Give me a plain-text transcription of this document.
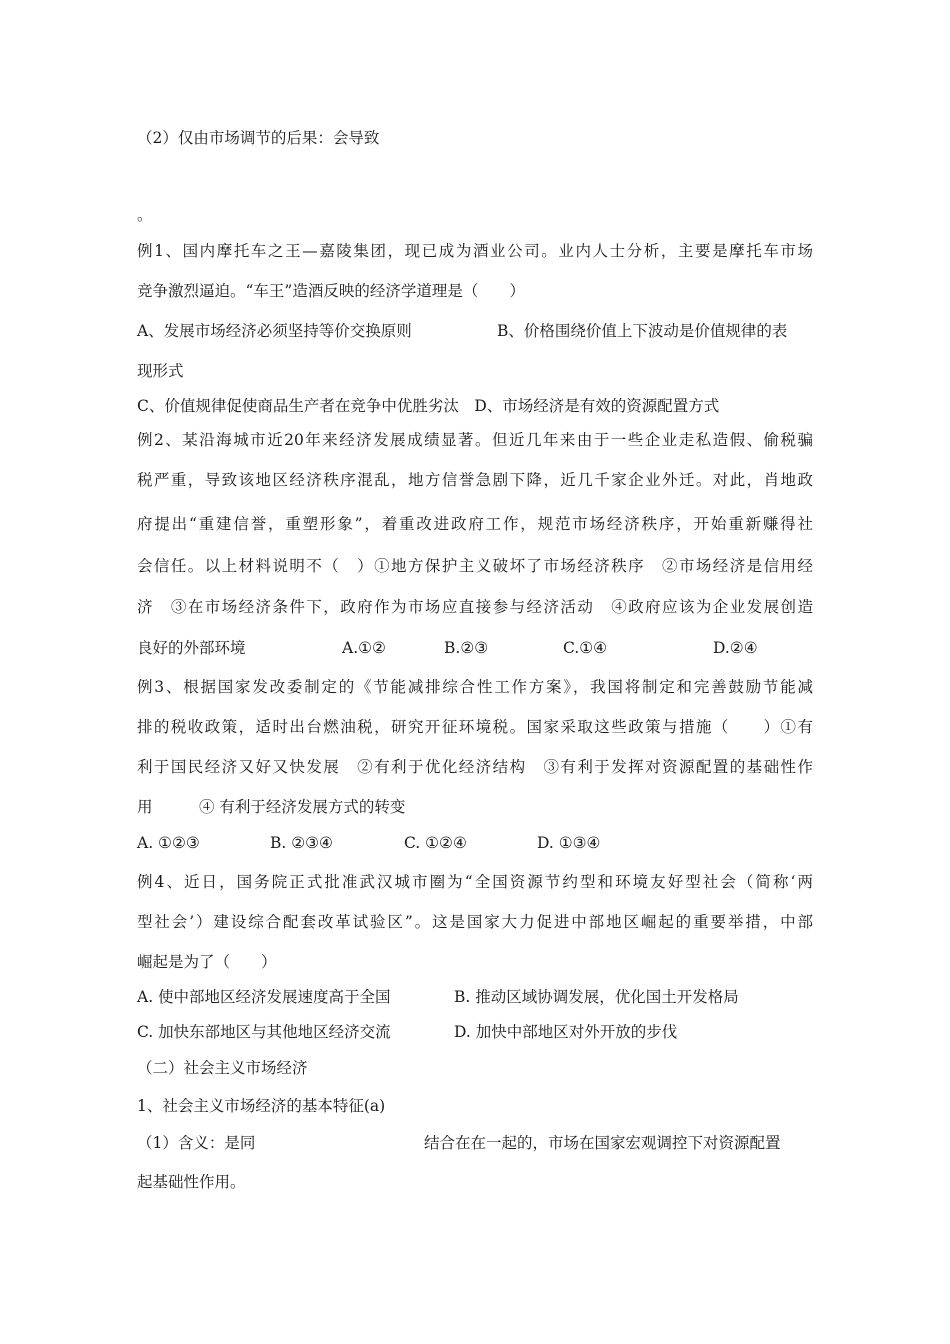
（2）仅由市场调节的后果：会导致
。
例1、国内摩托车之王—嘉陵集团，现已成为酒业公司。业内人士分析，主要是摩托车市场
竞争激烈逼迫。“车王”造酒反映的经济学道理是（　　）
A、发展市场经济必须坚持等价交换原则	B、价格围绕价值上下波动是价值规律的表
现形式
C、价值规律促使商品生产者在竞争中优胜劣汰　D、市场经济是有效的资源配置方式
例2、某沿海城市近20年来经济发展成绩显著。但近几年来由于一些企业走私造假、偷税骗
税严重，导致该地区经济秩序混乱，地方信誉急剧下降，近几千家企业外迁。对此，肖地政
府提出“重建信誉，重塑形象”，着重改进政府工作，规范市场经济秩序，开始重新赚得社
会信任。以上材料说明不（　）①地方保护主义破坏了市场经济秩序　②市场经济是信用经
济　③在市场经济条件下，政府作为市场应直接参与经济活动　④政府应该为企业发展创造
良好的外部环境	A.①②	B.②③	C.①④	D.②④
例3、根据国家发改委制定的《节能减排综合性工作方案》，我国将制定和完善鼓励节能减
排的税收政策，适时出台燃油税，研究开征环境税。国家采取这些政策与措施（　　）①有
利于国民经济又好又快发展　②有利于优化经济结构　③有利于发挥对资源配置的基础性作
用　　　④ 有利于经济发展方式的转变
A. ①②③	B. ②③④	C. ①②④	D. ①③④
例4、近日，国务院正式批准武汉城市圈为“全国资源节约型和环境友好型社会（简称‘两
型社会’）建设综合配套改革试验区”。这是国家大力促进中部地区崛起的重要举措，中部
崛起是为了（　　）
A. 使中部地区经济发展速度高于全国	B. 推动区域协调发展，优化国土开发格局
C. 加快东部地区与其他地区经济交流	D. 加快中部地区对外开放的步伐
（二）社会主义市场经济
1、社会主义市场经济的基本特征(a)
（1）含义：是同	结合在在一起的，市场在国家宏观调控下对资源配置
起基础性作用。
